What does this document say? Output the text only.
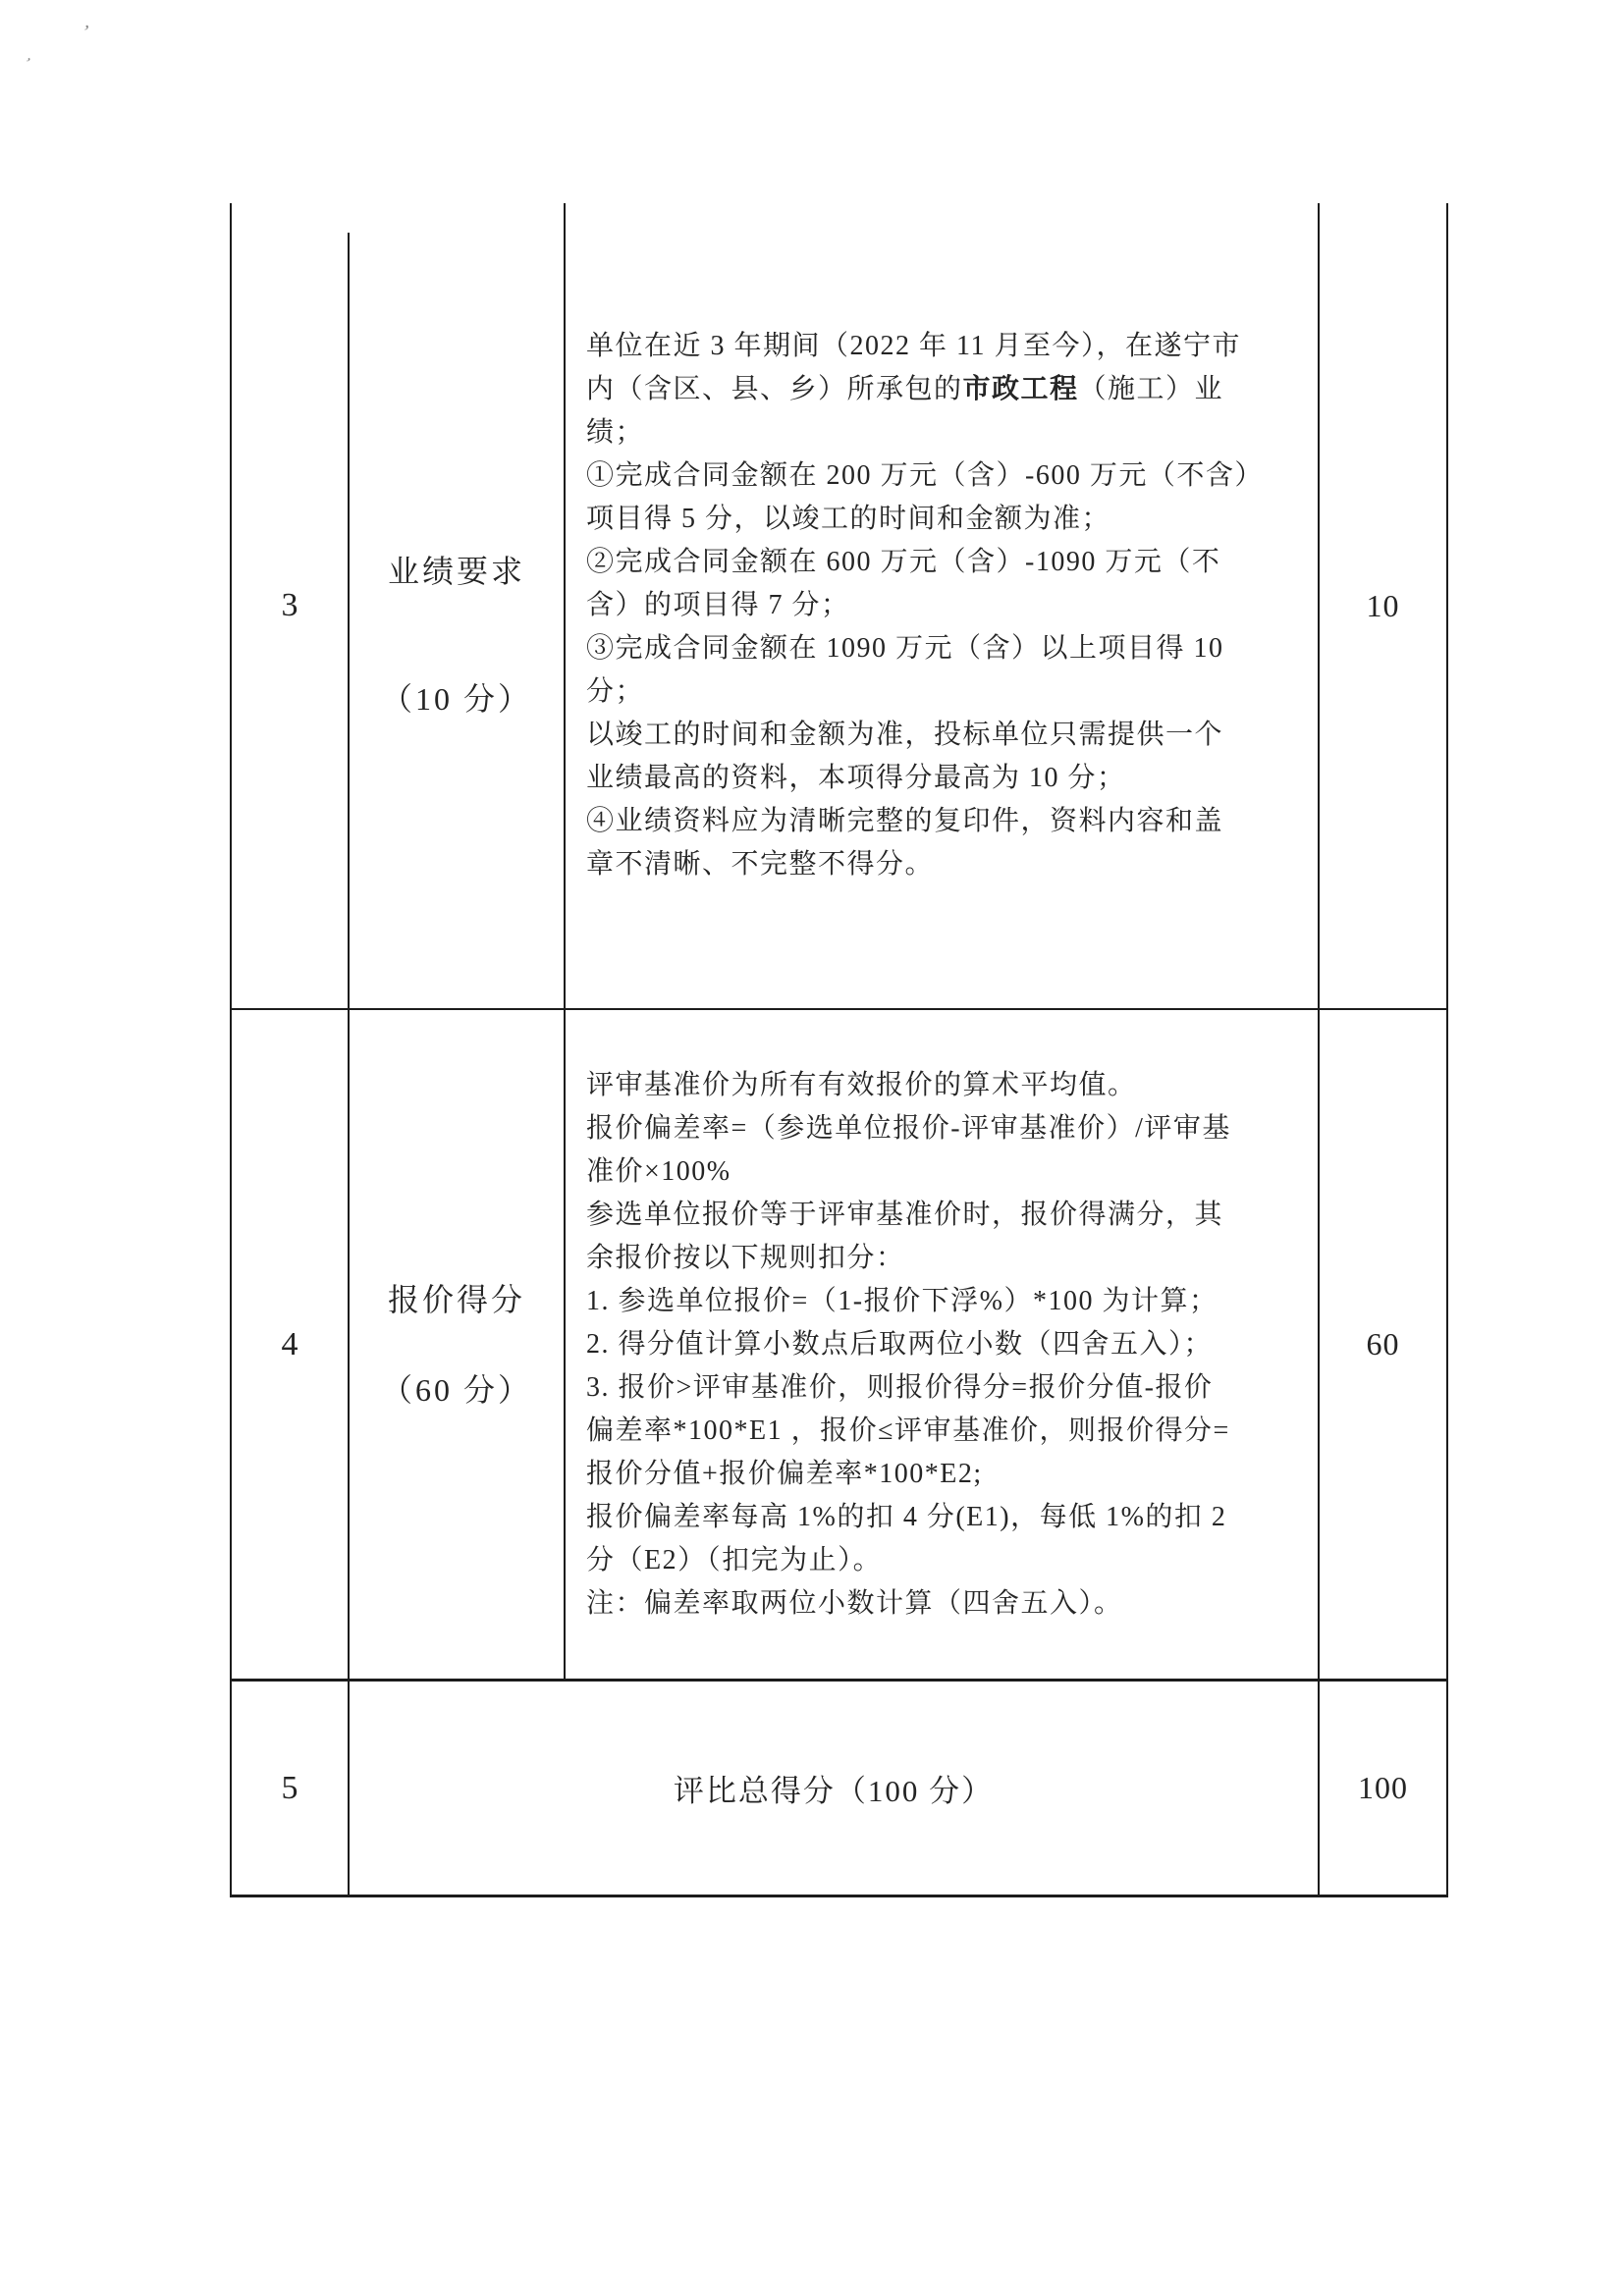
’
’
3
业绩要求
（10 分）
单位在近 3 年期间（2022 年 11 月至今），在遂宁市
内（含区、县、乡）所承包的市政工程（施工）业
绩；
①完成合同金额在 200 万元（含）-600 万元（不含）
项目得 5 分，以竣工的时间和金额为准；
②完成合同金额在 600 万元（含）-1090 万元（不
含）的项目得 7 分；
③完成合同金额在 1090 万元（含）以上项目得 10
分；
以竣工的时间和金额为准，投标单位只需提供一个
业绩最高的资料，本项得分最高为 10 分；
④业绩资料应为清晰完整的复印件，资料内容和盖
章不清晰、不完整不得分。
10
4
报价得分
（60 分）
评审基准价为所有有效报价的算术平均值。
报价偏差率=（参选单位报价-评审基准价）/评审基
准价×100%
参选单位报价等于评审基准价时，报价得满分，其
余报价按以下规则扣分：
1. 参选单位报价=（1-报价下浮%）*100 为计算；
2. 得分值计算小数点后取两位小数（四舍五入）；
3. 报价>评审基准价，则报价得分=报价分值-报价
偏差率*100*E1 ，报价≤评审基准价，则报价得分=
报价分值+报价偏差率*100*E2;
报价偏差率每高 1%的扣 4 分(E1)，每低 1%的扣 2
分（E2）（扣完为止）。
注：偏差率取两位小数计算（四舍五入）。
60
5	评比总得分（100 分）	100
